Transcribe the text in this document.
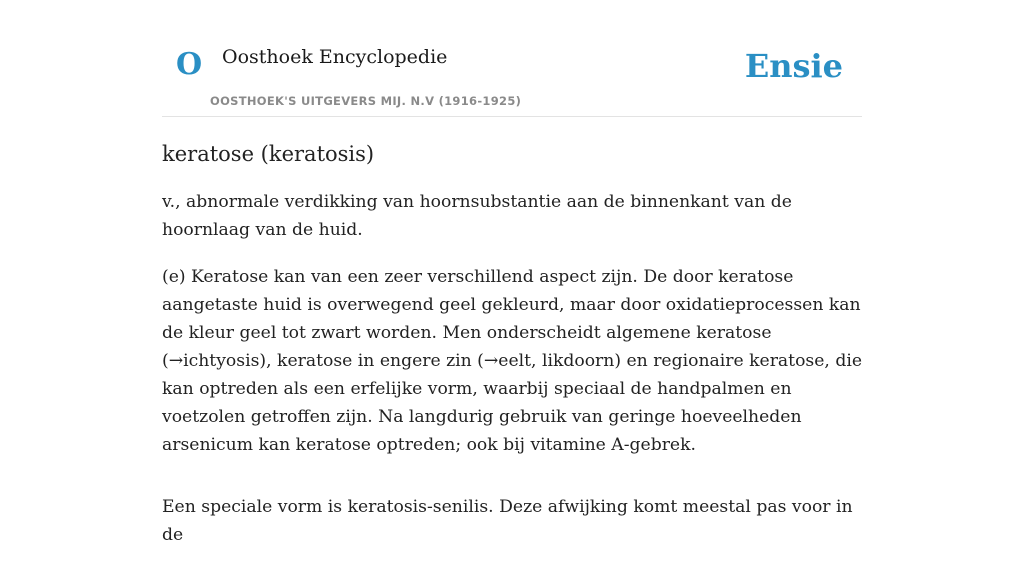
O Oosthoek Encyclopedie
OOSTHOEK'S UITGEVERS MIJ. N.V (1916-1925)
Ensie
keratose (keratosis)

v., abnormale verdikking van hoornsubstantie aan de binnenkant van de hoornlaag van de huid.

(e) Keratose kan van een zeer verschillend aspect zijn. De door keratose aangetaste huid is overwegend geel gekleurd, maar door oxidatieprocessen kan de kleur geel tot zwart worden. Men onderscheidt algemene keratose (→ichtyosis), keratose in engere zin (→eelt, likdoorn) en regionaire keratose, die kan optreden als een erfelijke vorm, waarbij speciaal de handpalmen en voetzolen getroffen zijn. Na langdurig gebruik van geringe hoeveelheden arsenicum kan keratose optreden; ook bij vitamine A-gebrek.

Een speciale vorm is keratosis-senilis. Deze afwijking komt meestal pas voor in de
